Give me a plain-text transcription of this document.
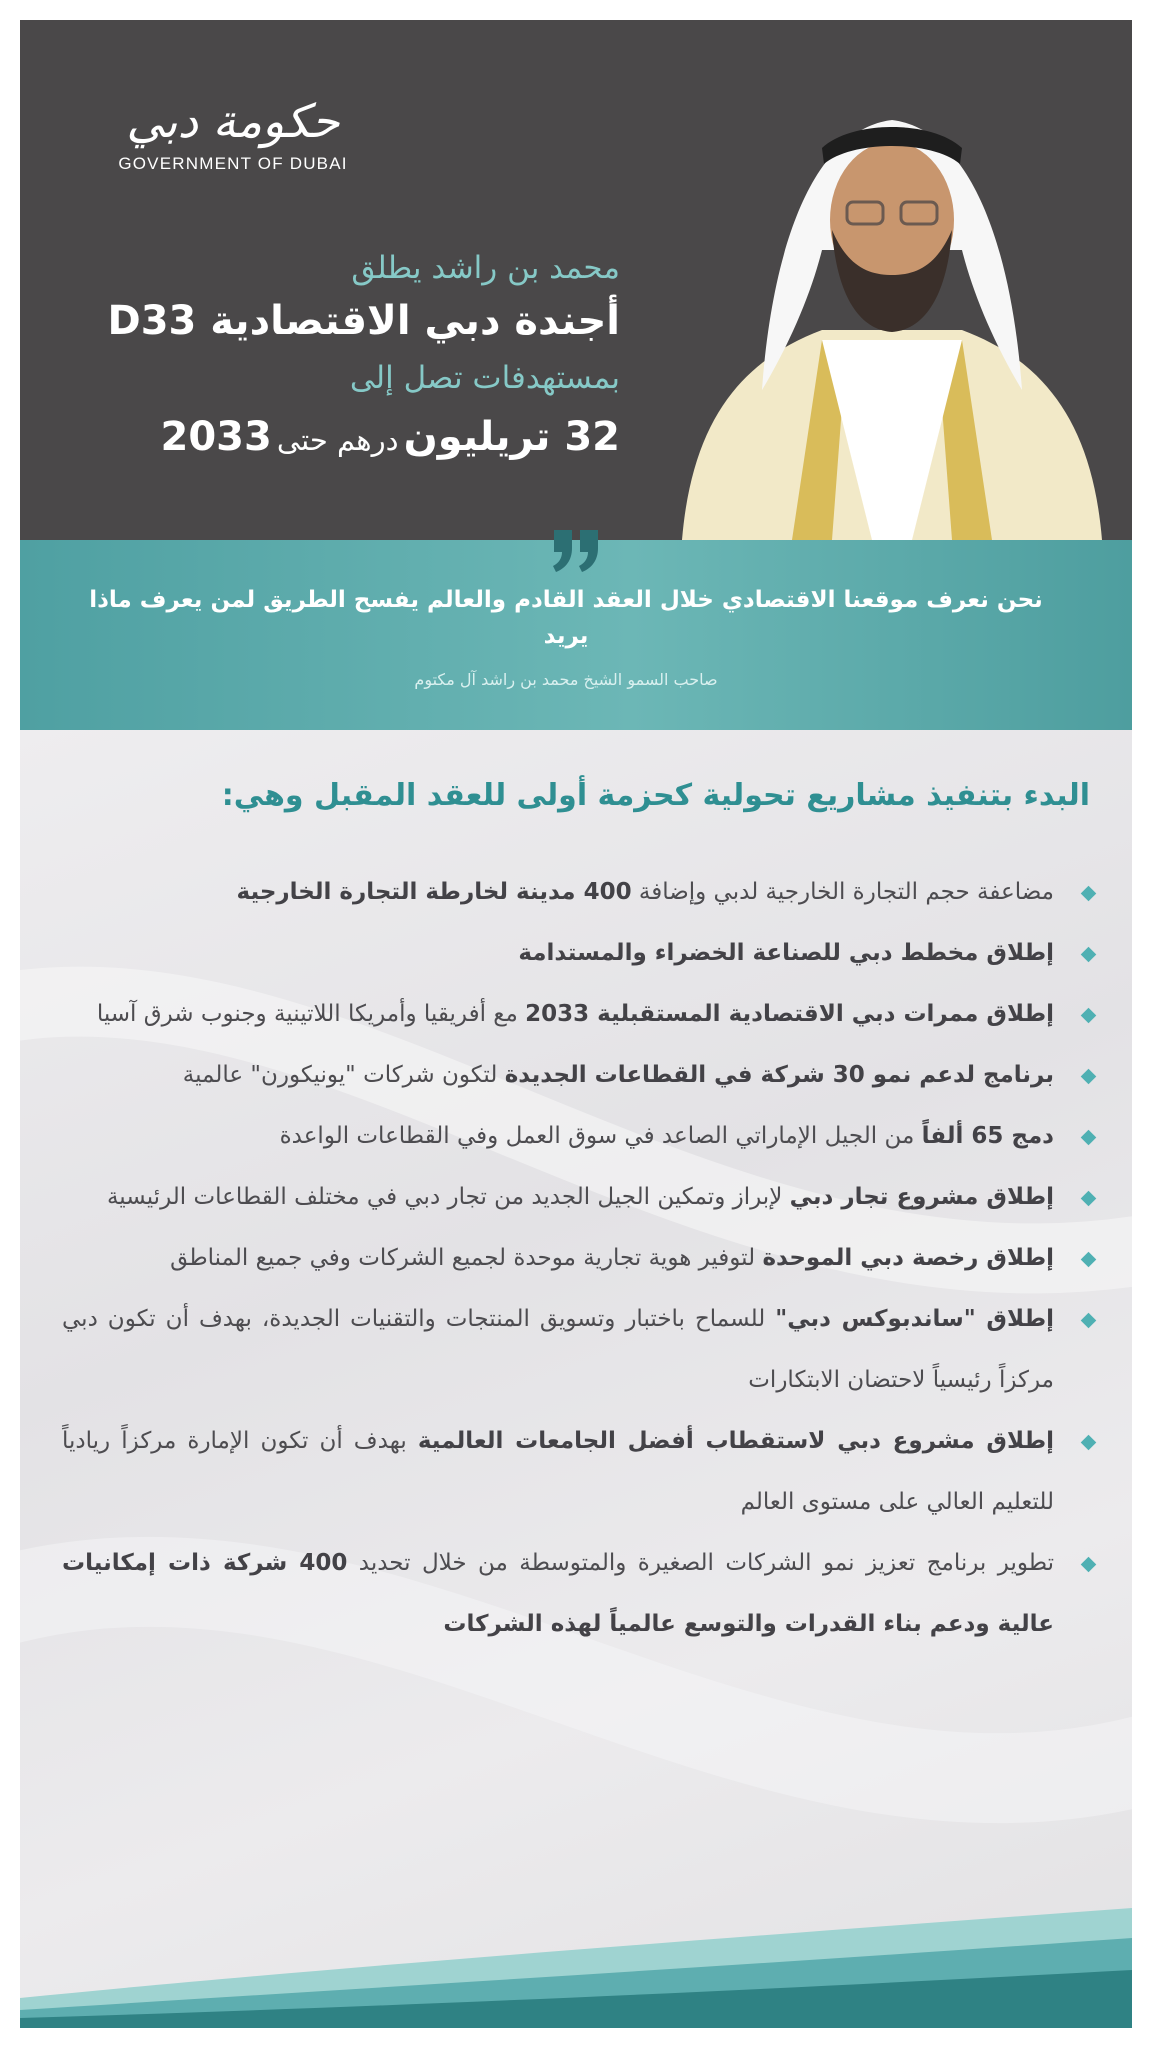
حكومة دبي
GOVERNMENT OF DUBAI
محمد بن راشد يطلق
أجندة دبي الاقتصادية D33
بمستهدفات تصل إلى
32 تريليون درهم حتى 2033
نحن نعرف موقعنا الاقتصادي خلال العقد القادم والعالم يفسح الطريق لمن يعرف ماذا يريد
صاحب السمو الشيخ محمد بن راشد آل مكتوم
البدء بتنفيذ مشاريع تحولية كحزمة أولى للعقد المقبل وهي:
مضاعفة حجم التجارة الخارجية لدبي وإضافة 400 مدينة لخارطة التجارة الخارجية
إطلاق مخطط دبي للصناعة الخضراء والمستدامة
إطلاق ممرات دبي الاقتصادية المستقبلية 2033 مع أفريقيا وأمريكا اللاتينية وجنوب شرق آسيا
برنامج لدعم نمو 30 شركة في القطاعات الجديدة لتكون شركات "يونيكورن" عالمية
دمج 65 ألفاً من الجيل الإماراتي الصاعد في سوق العمل وفي القطاعات الواعدة
إطلاق مشروع تجار دبي لإبراز وتمكين الجيل الجديد من تجار دبي في مختلف القطاعات الرئيسية
إطلاق رخصة دبي الموحدة لتوفير هوية تجارية موحدة لجميع الشركات وفي جميع المناطق
إطلاق "ساندبوكس دبي" للسماح باختبار وتسويق المنتجات والتقنيات الجديدة، بهدف أن تكون دبي مركزاً رئيسياً لاحتضان الابتكارات
إطلاق مشروع دبي لاستقطاب أفضل الجامعات العالمية بهدف أن تكون الإمارة مركزاً ريادياً للتعليم العالي على مستوى العالم
تطوير برنامج تعزيز نمو الشركات الصغيرة والمتوسطة من خلال تحديد 400 شركة ذات إمكانيات عالية ودعم بناء القدرات والتوسع عالمياً لهذه الشركات
